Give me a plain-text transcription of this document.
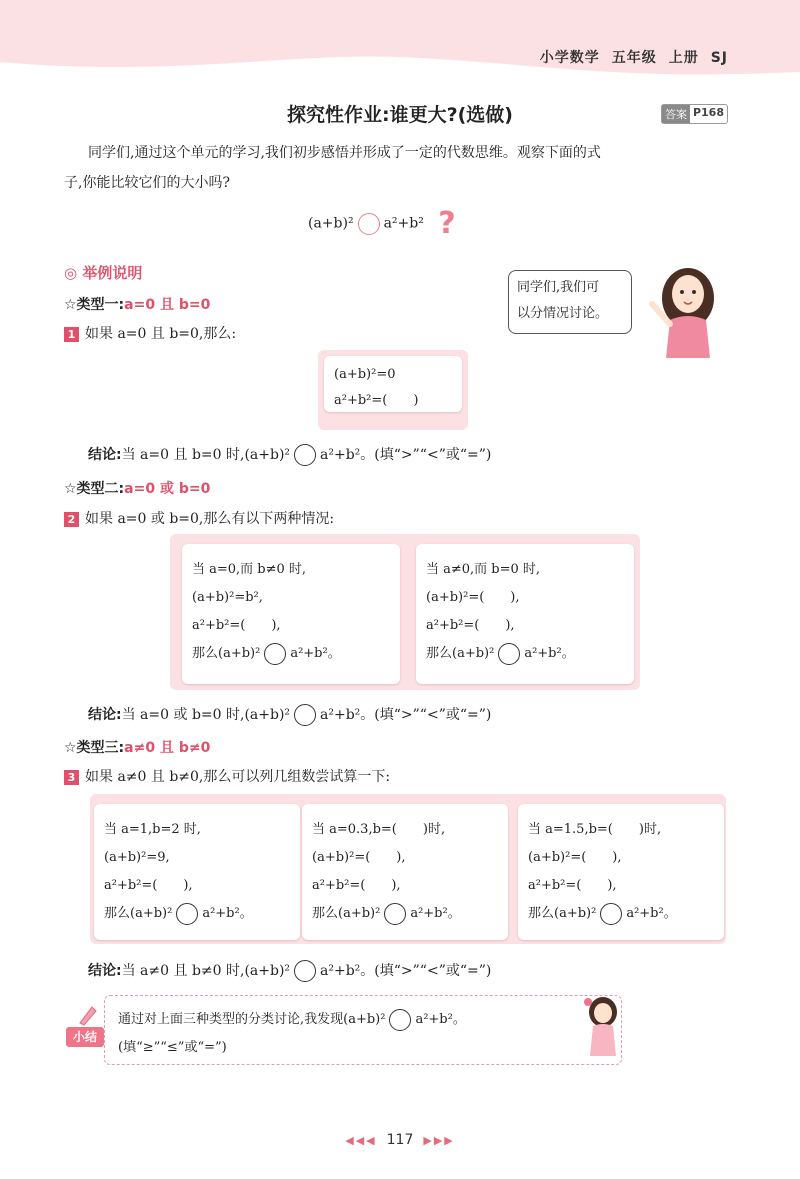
小学数学 五年级 上册 SJ
探究性作业:谁更大?(选做)	答案 P168
同学们,通过这个单元的学习,我们初步感悟并形成了一定的代数思维。观察下面的式
子,你能比较它们的大小吗?
(a+b)² a²+b² ?
◎ 举例说明
同学们,我们可
以分情况讨论。
☆类型一:a=0 且 b=0
1 如果 a=0 且 b=0,那么:
(a+b)²=0
a²+b²=(　　)
结论:当 a=0 且 b=0 时,(a+b)² a²+b²。(填“>”“<”或“=”)
☆类型二:a=0 或 b=0
2 如果 a=0 或 b=0,那么有以下两种情况:
当 a=0,而 b≠0 时,
(a+b)²=b²,
a²+b²=(　　),
那么(a+b)² a²+b²。
当 a≠0,而 b=0 时,
(a+b)²=(　　),
a²+b²=(　　),
那么(a+b)² a²+b²。
结论:当 a=0 或 b=0 时,(a+b)² a²+b²。(填“>”“<”或“=”)
☆类型三:a≠0 且 b≠0
3 如果 a≠0 且 b≠0,那么可以列几组数尝试算一下:
当 a=1,b=2 时,
(a+b)²=9,
a²+b²=(　　),
那么(a+b)² a²+b²。
当 a=0.3,b=(　　)时,
(a+b)²=(　　),
a²+b²=(　　),
那么(a+b)² a²+b²。
当 a=1.5,b=(　　)时,
(a+b)²=(　　),
a²+b²=(　　),
那么(a+b)² a²+b²。
结论:当 a≠0 且 b≠0 时,(a+b)² a²+b²。(填“>”“<”或“=”)
小结
通过对上面三种类型的分类讨论,我发现(a+b)² a²+b²。
(填“≥”“≤”或“=”)
◀◀◀ 117 ▶▶▶
